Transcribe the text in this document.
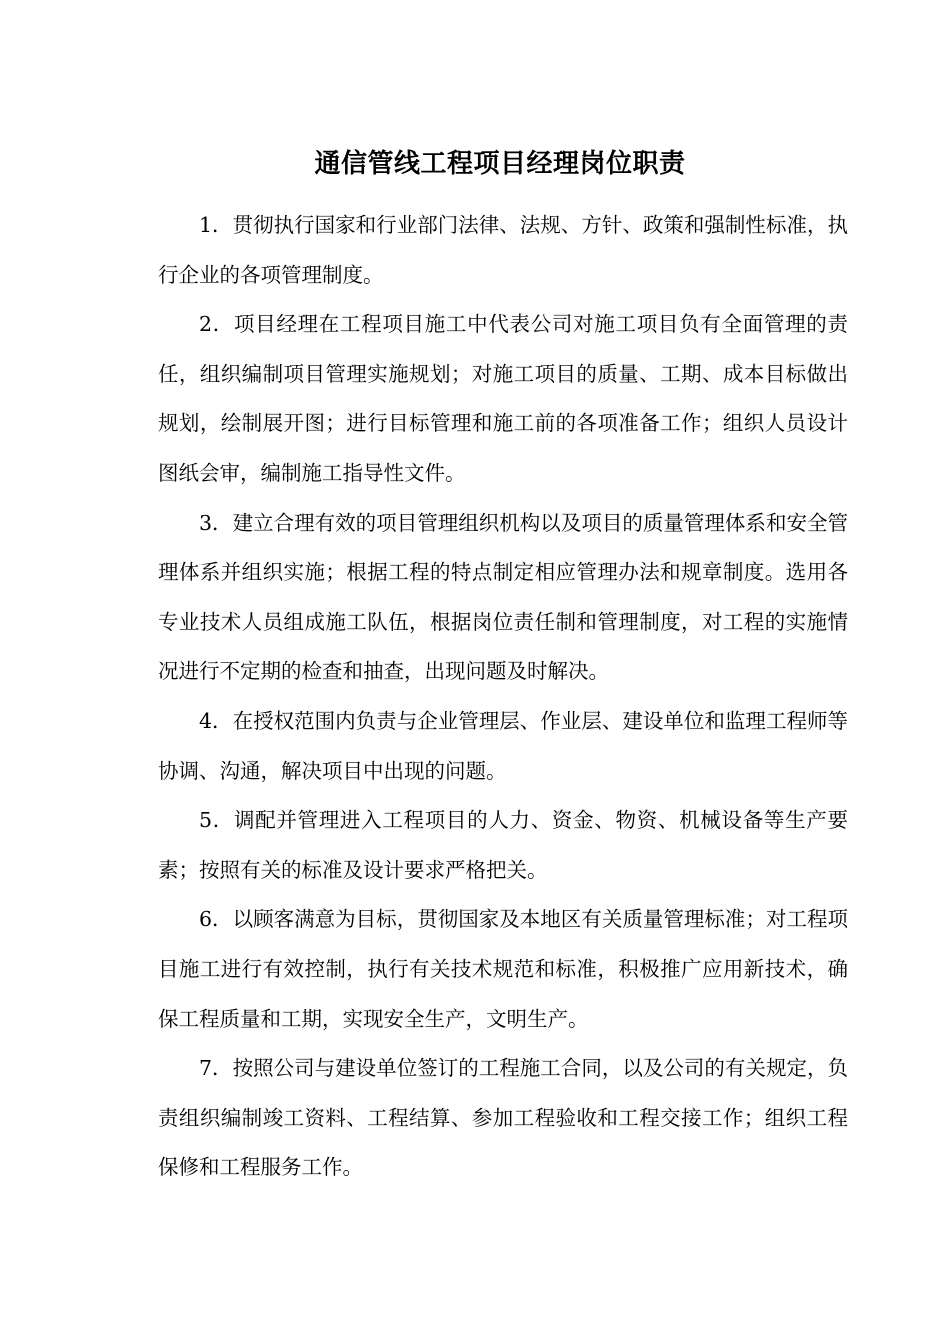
通信管线工程项目经理岗位职责

1．贯彻执行国家和行业部门法律、法规、方针、政策和强制性标准，执行企业的各项管理制度。

2．项目经理在工程项目施工中代表公司对施工项目负有全面管理的责任，组织编制项目管理实施规划；对施工项目的质量、工期、成本目标做出规划，绘制展开图；进行目标管理和施工前的各项准备工作；组织人员设计图纸会审，编制施工指导性文件。

3．建立合理有效的项目管理组织机构以及项目的质量管理体系和安全管理体系并组织实施；根据工程的特点制定相应管理办法和规章制度。选用各专业技术人员组成施工队伍，根据岗位责任制和管理制度，对工程的实施情况进行不定期的检查和抽查，出现问题及时解决。

4．在授权范围内负责与企业管理层、作业层、建设单位和监理工程师等协调、沟通，解决项目中出现的问题。

5．调配并管理进入工程项目的人力、资金、物资、机械设备等生产要素；按照有关的标准及设计要求严格把关。

6．以顾客满意为目标，贯彻国家及本地区有关质量管理标准；对工程项目施工进行有效控制，执行有关技术规范和标准，积极推广应用新技术，确保工程质量和工期，实现安全生产，文明生产。

7．按照公司与建设单位签订的工程施工合同，以及公司的有关规定，负责组织编制竣工资料、工程结算、参加工程验收和工程交接工作；组织工程保修和工程服务工作。
